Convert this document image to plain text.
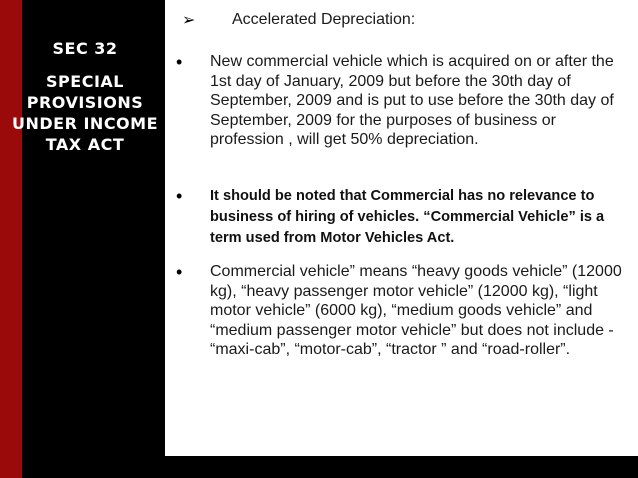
SEC 32
SPECIAL
PROVISIONS
UNDER INCOME
TAX ACT
➢	Accelerated Depreciation:
•	New commercial vehicle which is acquired on or after the 1st day of January, 2009 but before the 30th day of September, 2009 and is put to use before the 30th day of September, 2009 for the purposes of business or profession , will get 50% depreciation.
•	It should be noted that Commercial has no relevance to business of hiring of vehicles. “Commercial Vehicle” is a term used from Motor Vehicles Act.
•	Commercial vehicle” means “heavy goods vehicle” (12000 kg), “heavy passenger motor vehicle” (12000 kg), “light motor vehicle” (6000 kg), “medium goods vehicle” and “medium passenger motor vehicle” but does not include - “maxi-cab”, “motor-cab”, “tractor ” and “road-roller”.
